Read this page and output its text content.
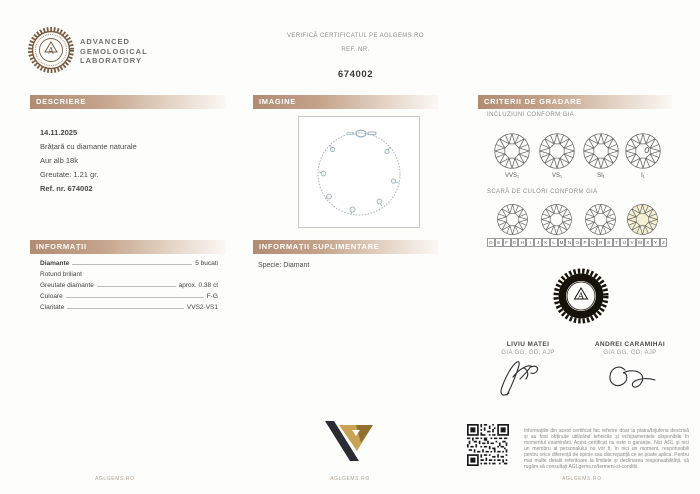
A
ADVANCED
GEMOLOGICAL
LABORATORY
VERIFICĂ CERTIFICATUL PE AGLGEMS.RO
REF. NR.
674002
DESCRIERE	IMAGINE	CRITERII DE GRADARE
INFORMAȚII	INFORMAȚII SUPLIMENTARE
14.11.2025
Brățară cu diamante naturale
Aur alb 18k
Greutate: 1.21 gr.
Ref. nr. 674002
Diamante	5 bucati
Rotund briliant
Greutate diamante	aprox. 0.38 ct
Culoare	F-G
Claritate	VVS2-VS1
Specie: Diamant
INCLUZIUNI CONFORM GIA
VVS₁	VS₁	SI₁	I₁
SCARĂ DE CULORI CONFORM GIA
D	E	F	G H	I	J	K	L	M N O	P	Q R	S	T	U	V W X	Y	Z
A
LIVIU MATEI
GIA GG, GD, AJP
ANDREI CARAMIHAI
GIA GG, GD, AJP
Informațiile din acest certificat fac referire doar la piatra/bijuteria descrisă și au fost obținute utilizând tehnicile și echipamentele disponibile în momentul examinării. Acest certificat nu este o garanție. Nici AGL și nici un membru al personalului nu vor fi, în nici un moment, responsabili pentru orice diferență de opinie sau discrepanță ce se poate aplica. Pentru mai multe detalii referitoare la limitele și declinarea responsabilității, vă rugăm să consultați AGLgems.ro/termeni-si-conditii.
AGLGEMS.RO
AGLGEMS.RO	AGLGEMS.RO
